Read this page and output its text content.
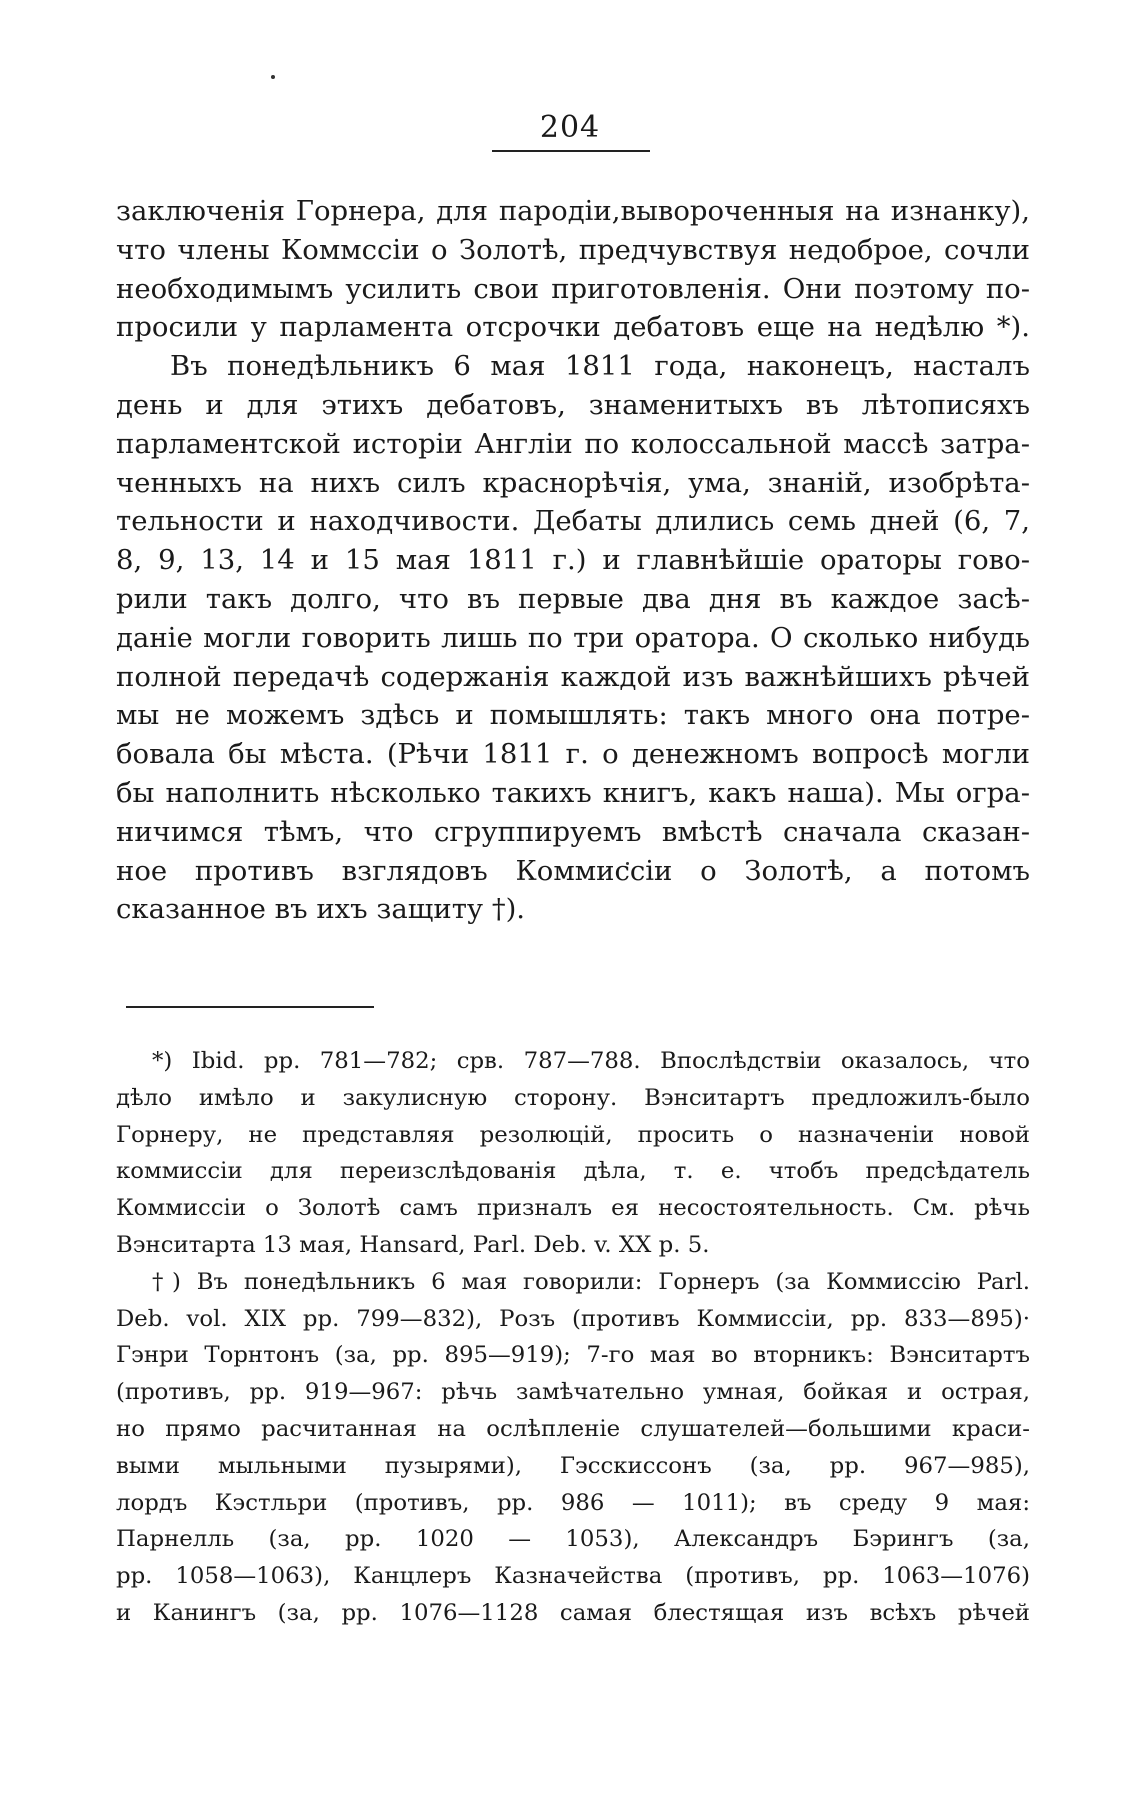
204

заключенія Горнера, для пародіи,вывороченныя на изнанку),
что члены Коммссіи о Золотѣ, предчувствуя недоброе, сочли
необходимымъ усилить свои приготовленія. Они поэтому по-
просили у парламента отсрочки дебатовъ еще на недѣлю *).

Въ понедѣльникъ 6 мая 1811 года, наконецъ, насталъ
день и для этихъ дебатовъ, знаменитыхъ въ лѣтописяхъ
парламентской исторіи Англіи по колоссальной массѣ затра-
ченныхъ на нихъ силъ краснорѣчія, ума, знаній, изобрѣта-
тельности и находчивости. Дебаты длились семь дней (6, 7,
8, 9, 13, 14 и 15 мая 1811 г.) и главнѣйшіе ораторы гово-
рили такъ долго, что въ первые два дня въ каждое засѣ-
даніе могли говорить лишь по три оратора. О сколько нибудь
полной передачѣ содержанія каждой изъ важнѣйшихъ рѣчей
мы не можемъ здѣсь и помышлять: такъ много она потре-
бовала бы мѣста. (Рѣчи 1811 г. о денежномъ вопросѣ могли
бы наполнить нѣсколько такихъ книгъ, какъ наша). Мы огра-
ничимся тѣмъ, что сгруппируемъ вмѣстѣ сначала сказан-
ное противъ взглядовъ Коммиссіи о Золотѣ, а потомъ
сказанное въ ихъ защиту †).

*) Ibid. pp. 781—782; срв. 787—788. Впослѣдствіи оказалось, что
дѣло имѣло и закулисную сторону. Вэнситартъ предложилъ-было
Горнеру, не представляя резолюцій, просить о назначеніи новой
коммиссіи для переизслѣдованія дѣла, т. е. чтобъ предсѣдатель
Коммиссіи о Золотѣ самъ призналъ ея несостоятельность. См. рѣчь
Вэнситарта 13 мая, Hansard, Parl. Deb. v. XX p. 5.
†) Въ понедѣльникъ 6 мая говорили: Горнеръ (за Коммиссію Parl.
Deb. vol. XIX pp. 799—832), Розъ (противъ Коммиссіи, pp. 833—895)·
Гэнри Торнтонъ (за, pp. 895—919); 7-го мая во вторникъ: Вэнситартъ
(противъ, pp. 919—967: рѣчь замѣчательно умная, бойкая и острая,
но прямо расчитанная на ослѣпленіе слушателей—большими краси-
выми мыльными пузырями), Гэсскиссонъ (за, pp. 967—985),
лордъ Кэстльри (противъ, pp. 986 — 1011); въ среду 9 мая:
Парнелль (за, pp. 1020 — 1053), Александръ Бэрингъ (за,
pp. 1058—1063), Канцлеръ Казначейства (противъ, pp. 1063—1076)
и Канингъ (за, pp. 1076—1128 самая блестящая изъ всѣхъ рѣчей
